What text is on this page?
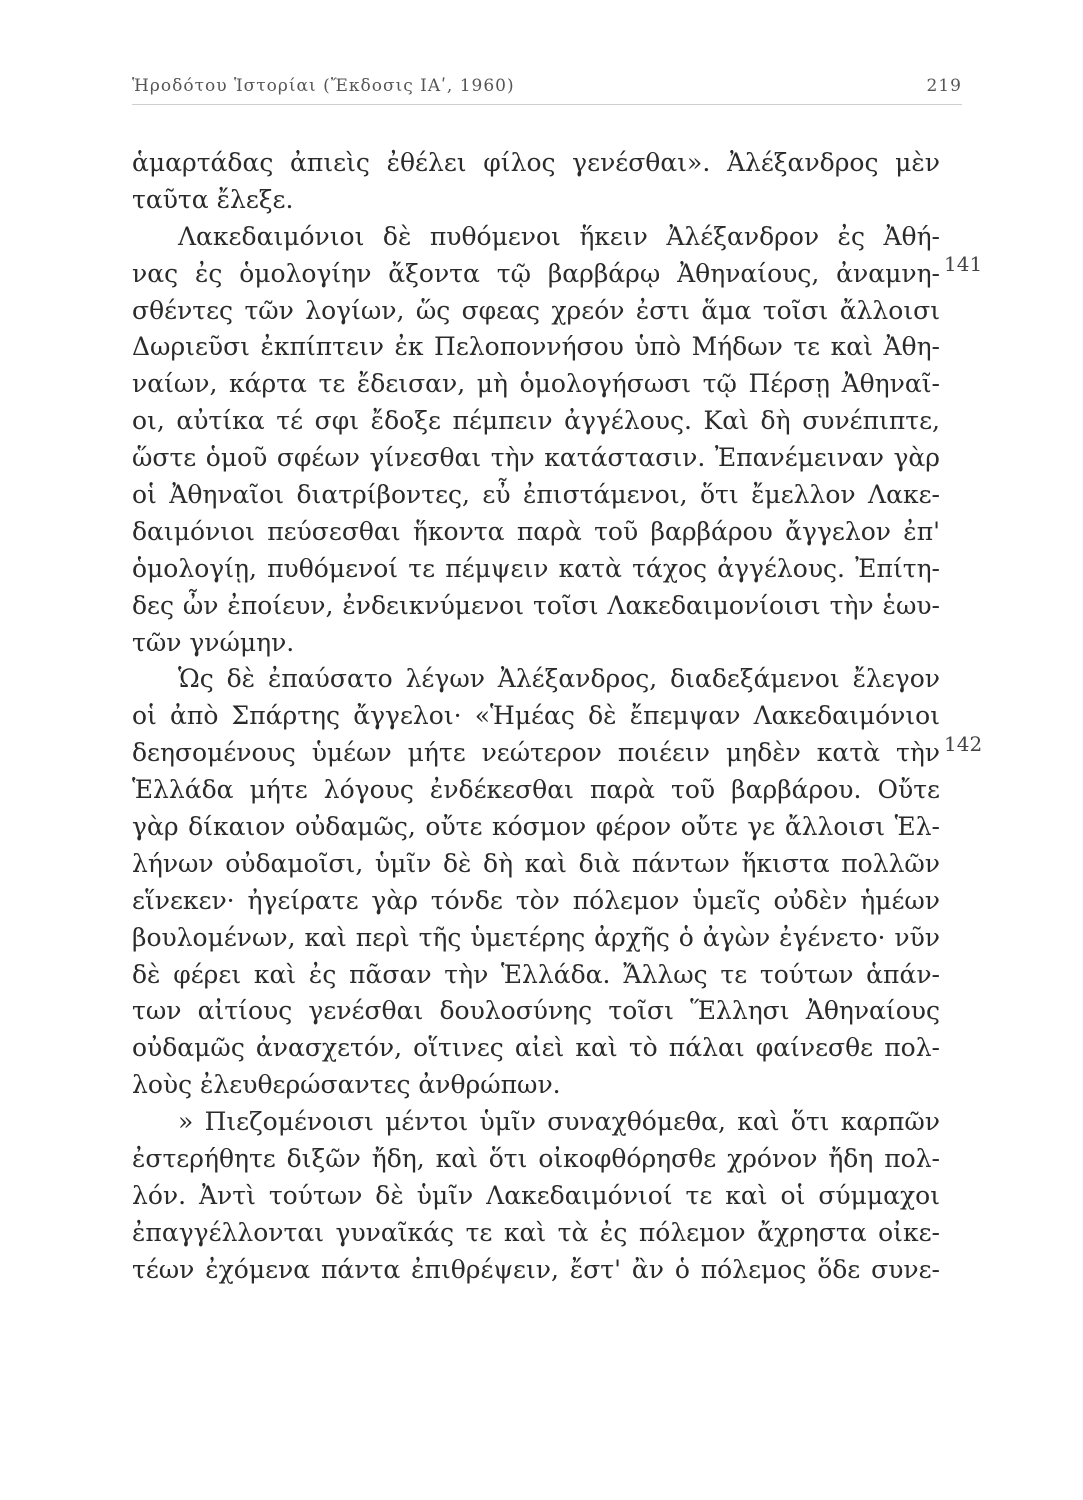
Ἡροδότου Ἱστορίαι (Ἔκδοσις ΙΑʹ, 1960)	219
141
142
ἁμαρτάδας ἀπιεὶς ἐθέλει φίλος γενέσθαι». Ἀλέξανδρος μὲν
ταῦτα ἔλεξε.
Λακεδαιμόνιοι δὲ πυθόμενοι ἥκειν Ἀλέξανδρον ἐς Ἀθή-
νας ἐς ὁμολογίην ἄξοντα τῷ βαρβάρῳ Ἀθηναίους, ἀναμνη-
σθέντες τῶν λογίων, ὥς σφεας χρεόν ἐστι ἅμα τοῖσι ἄλλοισι
Δωριεῦσι ἐκπίπτειν ἐκ Πελοποννήσου ὑπὸ Μήδων τε καὶ Ἀθη-
ναίων, κάρτα τε ἔδεισαν, μὴ ὁμολογήσωσι τῷ Πέρσῃ Ἀθηναῖ-
οι, αὐτίκα τέ σφι ἔδοξε πέμπειν ἀγγέλους. Καὶ δὴ συνέπιπτε,
ὥστε ὁμοῦ σφέων γίνεσθαι τὴν κατάστασιν. Ἐπανέμειναν γὰρ
οἱ Ἀθηναῖοι διατρίβοντες, εὖ ἐπιστάμενοι, ὅτι ἔμελλον Λακε-
δαιμόνιοι πεύσεσθαι ἥκοντα παρὰ τοῦ βαρβάρου ἄγγελον ἐπ'
ὁμολογίῃ, πυθόμενοί τε πέμψειν κατὰ τάχος ἀγγέλους. Ἐπίτη-
δες ὦν ἐποίευν, ἐνδεικνύμενοι τοῖσι Λακεδαιμονίοισι τὴν ἑωυ-
τῶν γνώμην.
Ὡς δὲ ἐπαύσατο λέγων Ἀλέξανδρος, διαδεξάμενοι ἔλεγον
οἱ ἀπὸ Σπάρτης ἄγγελοι· «Ἡμέας δὲ ἔπεμψαν Λακεδαιμόνιοι
δεησομένους ὑμέων μήτε νεώτερον ποιέειν μηδὲν κατὰ τὴν
Ἑλλάδα μήτε λόγους ἐνδέκεσθαι παρὰ τοῦ βαρβάρου. Οὔτε
γὰρ δίκαιον οὐδαμῶς, οὔτε κόσμον φέρον οὔτε γε ἄλλοισι Ἑλ-
λήνων οὐδαμοῖσι, ὑμῖν δὲ δὴ καὶ διὰ πάντων ἥκιστα πολλῶν
εἵνεκεν· ἠγείρατε γὰρ τόνδε τὸν πόλεμον ὑμεῖς οὐδὲν ἡμέων
βουλομένων, καὶ περὶ τῆς ὑμετέρης ἀρχῆς ὁ ἀγὼν ἐγένετο· νῦν
δὲ φέρει καὶ ἐς πᾶσαν τὴν Ἑλλάδα. Ἄλλως τε τούτων ἁπάν-
των αἰτίους γενέσθαι δουλοσύνης τοῖσι Ἕλλησι Ἀθηναίους
οὐδαμῶς ἀνασχετόν, οἵτινες αἰεὶ καὶ τὸ πάλαι φαίνεσθε πολ-
λοὺς ἐλευθερώσαντες ἀνθρώπων.
» Πιεζομένοισι μέντοι ὑμῖν συναχθόμεθα, καὶ ὅτι καρπῶν
ἐστερήθητε διξῶν ἤδη, καὶ ὅτι οἰκοφθόρησθε χρόνον ἤδη πολ-
λόν. Ἀντὶ τούτων δὲ ὑμῖν Λακεδαιμόνιοί τε καὶ οἱ σύμμαχοι
ἐπαγγέλλονται γυναῖκάς τε καὶ τὰ ἐς πόλεμον ἄχρηστα οἰκε-
τέων ἐχόμενα πάντα ἐπιθρέψειν, ἔστ' ἂν ὁ πόλεμος ὅδε συνε-
